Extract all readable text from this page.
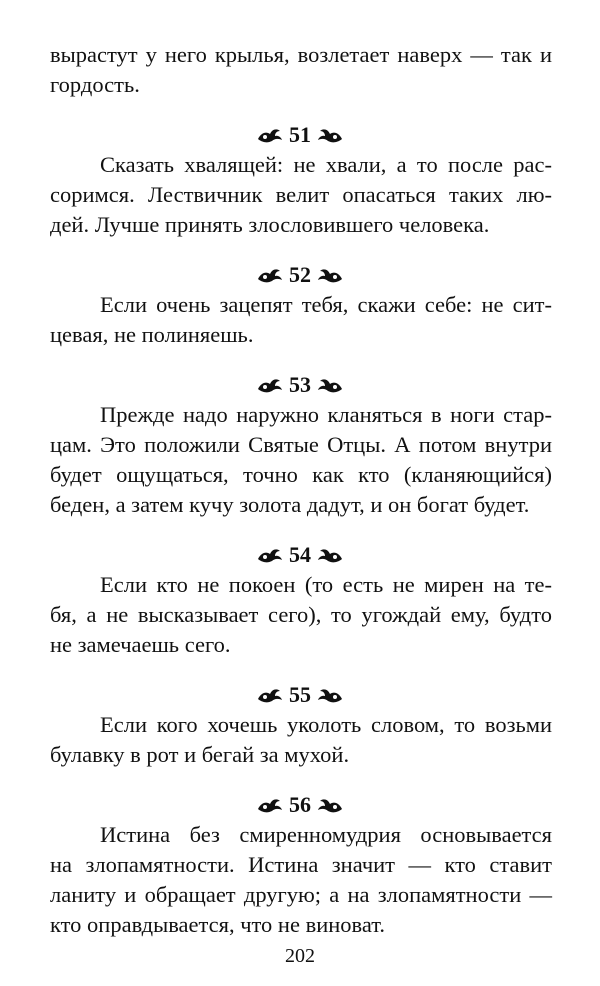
вырастут у него крылья, возлетает наверх — так и
гордость.
51
Сказать хвалящей: не хвали, а то после рас-
соримся. Лествичник велит опасаться таких лю-
дей. Лучше принять злословившего человека.
52
Если очень зацепят тебя, скажи себе: не сит-
цевая, не полиняешь.
53
Прежде надо наружно кланяться в ноги стар-
цам. Это положили Святые Отцы. А потом внутри
будет ощущаться, точно как кто (кланяющийся)
беден, а затем кучу золота дадут, и он богат будет.
54
Если кто не покоен (то есть не мирен на те-
бя, а не высказывает сего), то угождай ему, будто
не замечаешь сего.
55
Если кого хочешь уколоть словом, то возьми
булавку в рот и бегай за мухой.
56
Истина без смиренномудрия основывается
на злопамятности. Истина значит — кто ставит
ланиту и обращает другую; а на злопамятности —
кто оправдывается, что не виноват.
202
